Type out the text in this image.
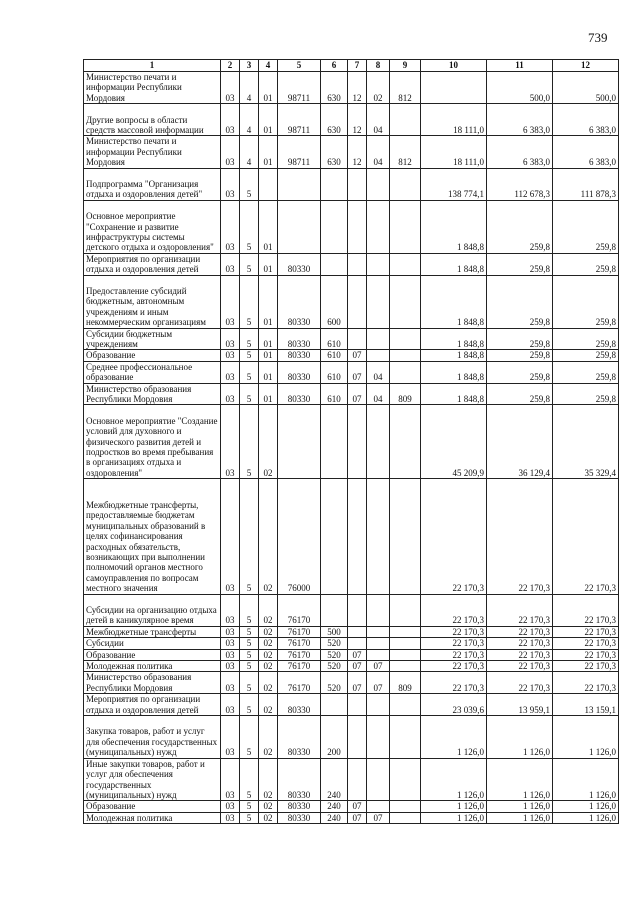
739
1	2	3	4	5	6	7	8	9	10	11	12
Министерство печати и информации Республики Мордовия	03	4	01	98711	630	12	02	812		500,0	500,0
Другие вопросы в области средств массовой информации	03	4	01	98711	630	12	04		18 111,0	6 383,0	6 383,0
Министерство печати и информации Республики Мордовия	03	4	01	98711	630	12	04	812	18 111,0	6 383,0	6 383,0
Подпрограмма "Организация отдыха и оздоровления детей"	03	5							138 774,1	112 678,3	111 878,3
Основное мероприятие "Сохранение и развитие инфраструктуры системы детского отдыха и оздоровления"	03	5	01						1 848,8	259,8	259,8
Мероприятия по организации отдыха и оздоровления детей	03	5	01	80330					1 848,8	259,8	259,8
Предоставление субсидий бюджетным, автономным учреждениям и иным некоммерческим организациям	03	5	01	80330	600				1 848,8	259,8	259,8
Субсидии бюджетным учреждениям	03	5	01	80330	610				1 848,8	259,8	259,8
Образование	03	5	01	80330	610	07			1 848,8	259,8	259,8
Среднее профессиональное образование	03	5	01	80330	610	07	04		1 848,8	259,8	259,8
Министерство образования Республики Мордовия	03	5	01	80330	610	07	04	809	1 848,8	259,8	259,8
Основное мероприятие "Создание условий для духовного и физического развития детей и подростков во время пребывания в организациях отдыха и оздоровления"	03	5	02						45 209,9	36 129,4	35 329,4
Межбюджетные трансферты, предоставляемые бюджетам муниципальных образований в целях софинансирования расходных обязательств, возникающих при выполнении полномочий органов местного самоуправления по вопросам местного значения	03	5	02	76000					22 170,3	22 170,3	22 170,3
Субсидии на организацию отдыха детей в каникулярное время	03	5	02	76170					22 170,3	22 170,3	22 170,3
Межбюджетные трансферты	03	5	02	76170	500				22 170,3	22 170,3	22 170,3
Субсидии	03	5	02	76170	520				22 170,3	22 170,3	22 170,3
Образование	03	5	02	76170	520	07			22 170,3	22 170,3	22 170,3
Молодежная политика	03	5	02	76170	520	07	07		22 170,3	22 170,3	22 170,3
Министерство образования Республики Мордовия	03	5	02	76170	520	07	07	809	22 170,3	22 170,3	22 170,3
Мероприятия по организации отдыха и оздоровления детей	03	5	02	80330					23 039,6	13 959,1	13 159,1
Закупка товаров, работ и услуг для обеспечения государственных (муниципальных) нужд	03	5	02	80330	200				1 126,0	1 126,0	1 126,0
Иные закупки товаров, работ и услуг для обеспечения государственных (муниципальных) нужд	03	5	02	80330	240				1 126,0	1 126,0	1 126,0
Образование	03	5	02	80330	240	07			1 126,0	1 126,0	1 126,0
Молодежная политика	03	5	02	80330	240	07	07		1 126,0	1 126,0	1 126,0
